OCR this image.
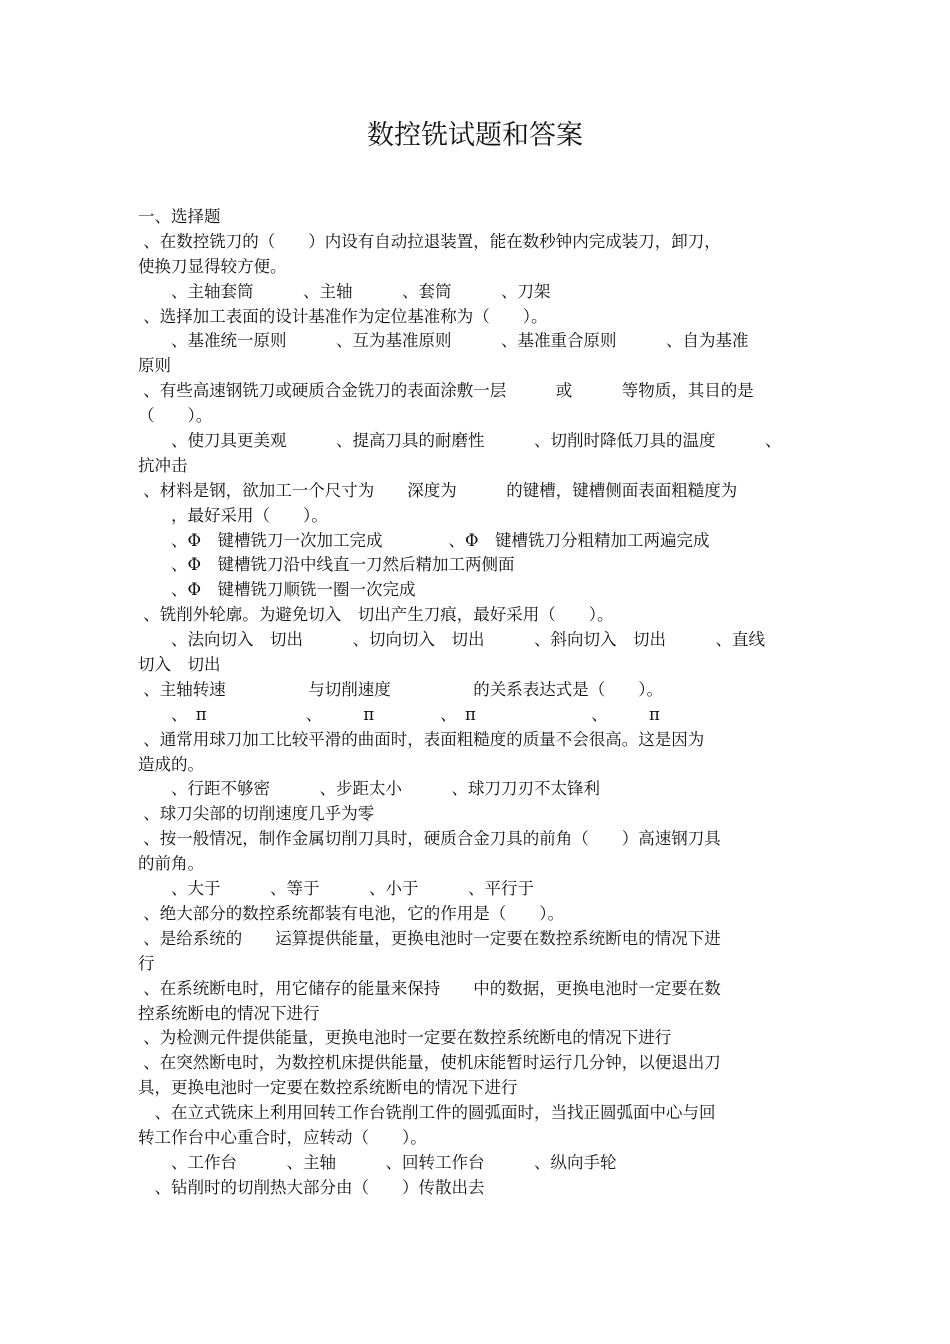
数控铣试题和答案
一、选择题
、在数控铣刀的（　　）内设有自动拉退装置，能在数秒钟内完成装刀，卸刀，
使换刀显得较方便。
　　、主轴套筒　　　、主轴　　　、套筒　　　、刀架
、选择加工表面的设计基准作为定位基准称为（　　）。
　　、基准统一原则　　　、互为基准原则　　　、基准重合原则　　　、自为基准
原则
、有些高速钢铣刀或硬质合金铣刀的表面涂敷一层　　　或　　　等物质，其目的是
（　　）。
　　、使刀具更美观　　　、提高刀具的耐磨性　　　、切削时降低刀具的温度　　　、
抗冲击
、材料是钢，欲加工一个尺寸为　　深度为　　　的键槽，键槽侧面表面粗糙度为
　　，最好采用（　　）。
　　、Φ　键槽铣刀一次加工完成　　　　、Φ　键槽铣刀分粗精加工两遍完成
　　、Φ　键槽铣刀沿中线直一刀然后精加工两侧面
　　、Φ　键槽铣刀顺铣一圈一次完成
、铣削外轮廓。为避免切入　切出产生刀痕，最好采用（　　）。
　　、法向切入　切出　　　、切向切入　切出　　　、斜向切入　切出　　　、直线
切入　切出
、主轴转速　　　　　与切削速度　　　　　的关系表达式是（　　）。
　　、　π　　　　　　、　　　π　　　　、　π　　　　　　　、　　　π
、通常用球刀加工比较平滑的曲面时，表面粗糙度的质量不会很高。这是因为
造成的。
　　、行距不够密　　　、步距太小　　　、球刀刀刃不太锋利
、球刀尖部的切削速度几乎为零
、按一般情况，制作金属切削刀具时，硬质合金刀具的前角（　　）高速钢刀具
的前角。
　　、大于　　　、等于　　　、小于　　　、平行于
、绝大部分的数控系统都装有电池，它的作用是（　　）。
、是给系统的　　运算提供能量，更换电池时一定要在数控系统断电的情况下进
行
、在系统断电时，用它储存的能量来保持　　中的数据，更换电池时一定要在数
控系统断电的情况下进行
、为检测元件提供能量，更换电池时一定要在数控系统断电的情况下进行
、在突然断电时，为数控机床提供能量，使机床能暂时运行几分钟，以便退出刀
具，更换电池时一定要在数控系统断电的情况下进行
　、在立式铣床上利用回转工作台铣削工件的圆弧面时，当找正圆弧面中心与回
转工作台中心重合时，应转动（　　）。
　　、工作台　　　、主轴　　　、回转工作台　　　、纵向手轮
　、钻削时的切削热大部分由（　　）传散出去
